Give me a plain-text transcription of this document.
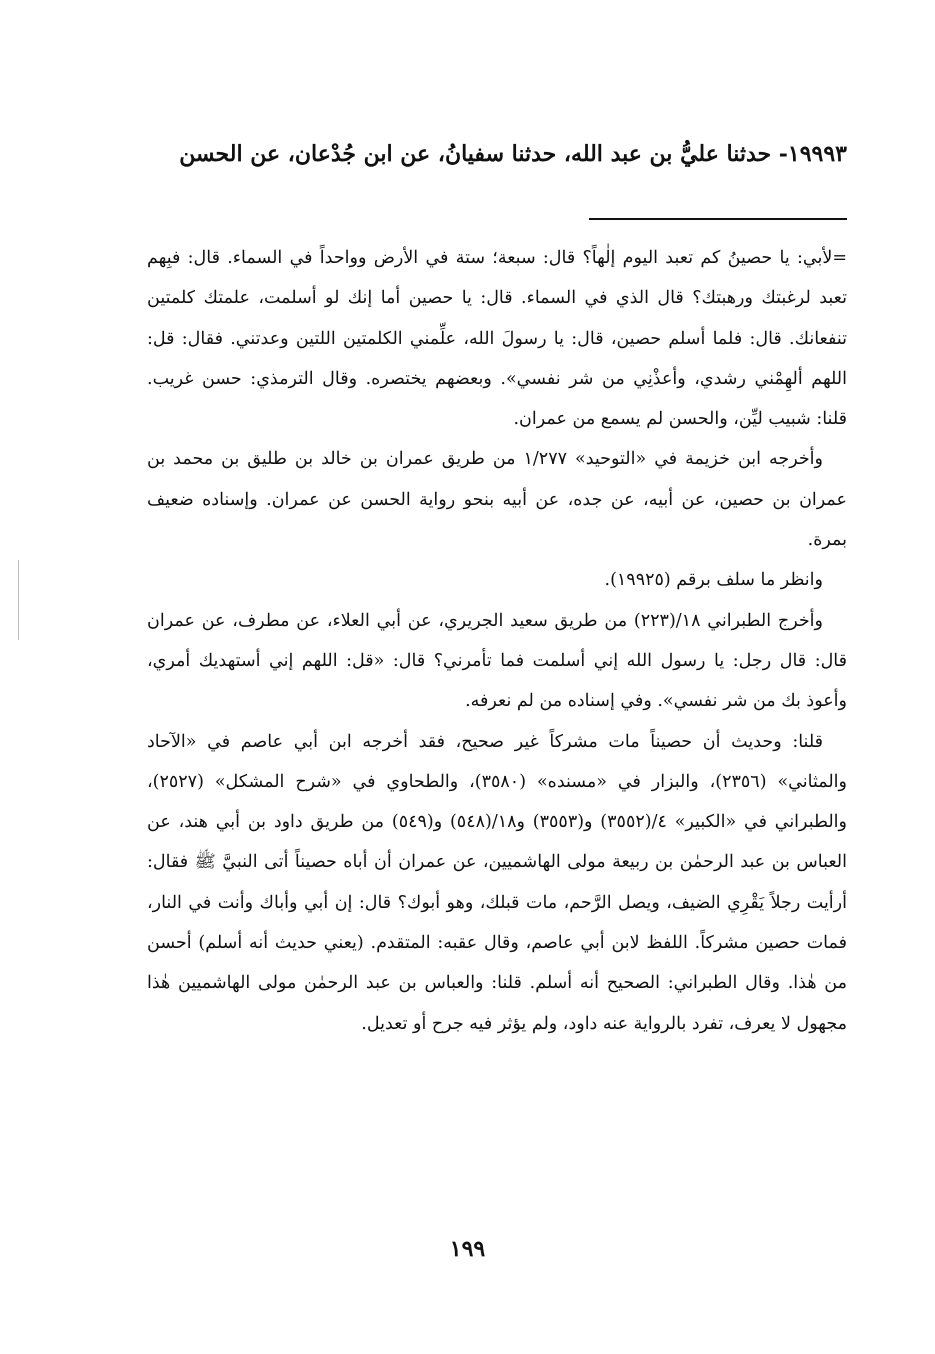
١٩٩٩٣- حدثنا عليُّ بن عبد الله، حدثنا سفيانُ، عن ابن جُدْعان، عن الحسن

=لأبي: يا حصينُ كم تعبد اليوم إلٰهاً؟ قال: سبعة؛ ستة في الأرض وواحداً في السماء. قال: فبِهم تعبد لرغبتك ورهبتك؟ قال الذي في السماء. قال: يا حصين أما إنك لو أسلمت، علمتك كلمتين تنفعانك. قال: فلما أسلم حصين، قال: يا رسولَ الله، علِّمني الكلمتين اللتين وعدتني. فقال: قل: اللهم ألهِمْني رشدي، وأعذْنِي من شر نفسي». وبعضهم يختصره. وقال الترمذي: حسن غريب. قلنا: شبيب ليِّن، والحسن لم يسمع من عمران.

وأخرجه ابن خزيمة في «التوحيد» ١/٢٧٧ من طريق عمران بن خالد بن طليق بن محمد بن عمران بن حصين، عن أبيه، عن جده، عن أبيه بنحو رواية الحسن عن عمران. وإسناده ضعيف بمرة.

وانظر ما سلف برقم (١٩٩٢٥).

وأخرج الطبراني ١٨/(٢٢٣) من طريق سعيد الجريري، عن أبي العلاء، عن مطرف، عن عمران قال: قال رجل: يا رسول الله إني أسلمت فما تأمرني؟ قال: «قل: اللهم إني أستهديك أمري، وأعوذ بك من شر نفسي». وفي إسناده من لم نعرفه.

قلنا: وحديث أن حصيناً مات مشركاً غير صحيح، فقد أخرجه ابن أبي عاصم في «الآحاد والمثاني» (٢٣٥٦)، والبزار في «مسنده» (٣٥٨٠)، والطحاوي في «شرح المشكل» (٢٥٢٧)، والطبراني في «الكبير» ٤/(٣٥٥٢) و(٣٥٥٣) و١٨/(٥٤٨) و(٥٤٩) من طريق داود بن أبي هند، عن العباس بن عبد الرحمٰن بن ربيعة مولى الهاشميين، عن عمران أن أباه حصيناً أتى النبيَّ ﷺ فقال: أرأيت رجلاً يَقْرِي الضيف، ويصل الرَّحم، مات قبلك، وهو أبوك؟ قال: إن أبي وأباك وأنت في النار، فمات حصين مشركاً. اللفظ لابن أبي عاصم، وقال عقبه: المتقدم. (يعني حديث أنه أسلم) أحسن من هٰذا. وقال الطبراني: الصحيح أنه أسلم. قلنا: والعباس بن عبد الرحمٰن مولى الهاشميين هٰذا مجهول لا يعرف، تفرد بالرواية عنه داود، ولم يؤثر فيه جرح أو تعديل.

١٩٩
